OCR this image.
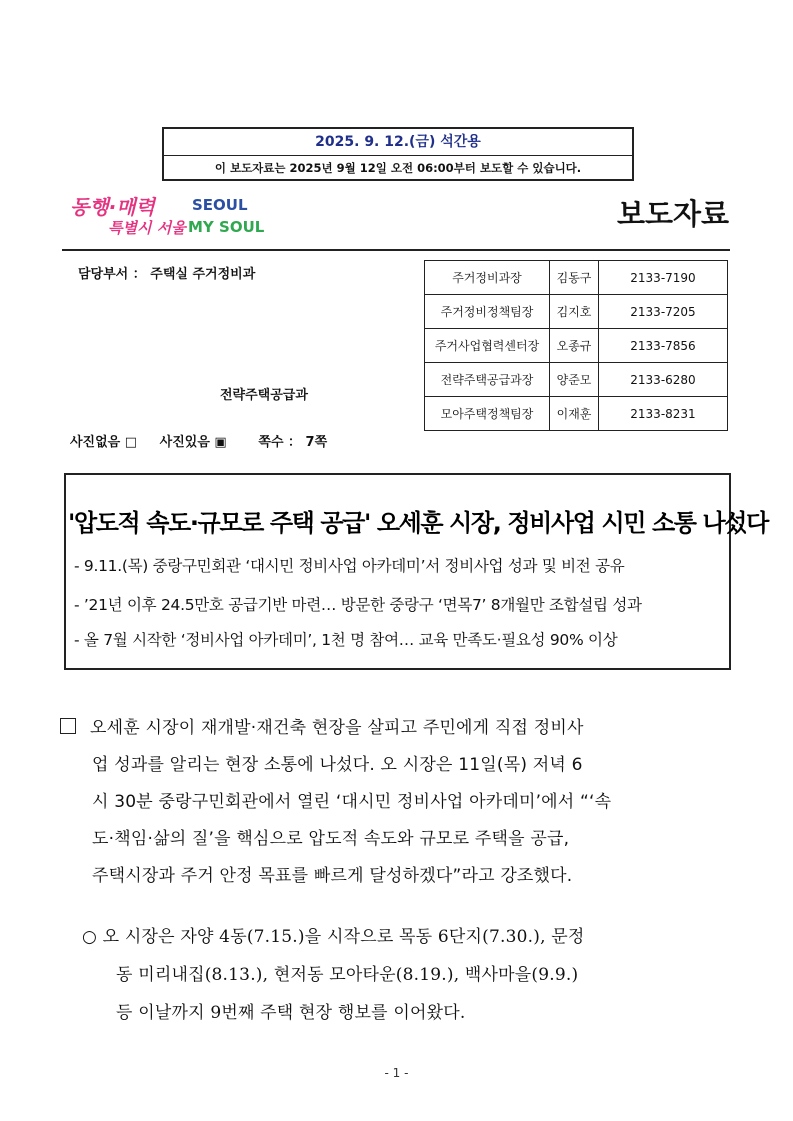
2025. 9. 12.(금) 석간용
이 보도자료는 2025년 9월 12일 오전 06:00부터 보도할 수 있습니다.
동행·매력
특별시 서울
SEOUL
MY SOUL	보도자료
담당부서 ： 주택실 주거정비과
전략주택공급과
사진없음 □     사진있음 ▣       쪽수 ： 7쪽
주거정비과장	김동구	2133-7190
주거정비정책팀장	김지호	2133-7205
주거사업협력센터장	오종규	2133-7856
전략주택공급과장	양준모	2133-6280
모아주택정책팀장	이재훈	2133-8231
'압도적 속도·규모로 주택 공급' 오세훈 시장, 정비사업 시민 소통 나섰다
- 9.11.(목) 중랑구민회관 ‘대시민 정비사업 아카데미’서 정비사업 성과 및 비전 공유
- ’21년 이후 24.5만호 공급기반 마련… 방문한 중랑구 ‘면목7’ 8개월만 조합설립 성과
- 올 7월 시작한 ‘정비사업 아카데미’, 1천 명 참여… 교육 만족도·필요성 90% 이상
오세훈 시장이 재개발·재건축 현장을 살피고 주민에게 직접 정비사
업 성과를 알리는 현장 소통에 나섰다. 오 시장은 11일(목) 저녁 6
시 30분 중랑구민회관에서 열린 ‘대시민 정비사업 아카데미’에서 “‘속
도·책임·삶의 질’을 핵심으로 압도적 속도와 규모로 주택을 공급,
주택시장과 주거 안정 목표를 빠르게 달성하겠다”라고 강조했다.
○ 오 시장은 자양 4동(7.15.)을 시작으로 목동 6단지(7.30.), 문정
동 미리내집(8.13.), 현저동 모아타운(8.19.), 백사마을(9.9.)
등 이날까지 9번째 주택 현장 행보를 이어왔다.
- 1 -
